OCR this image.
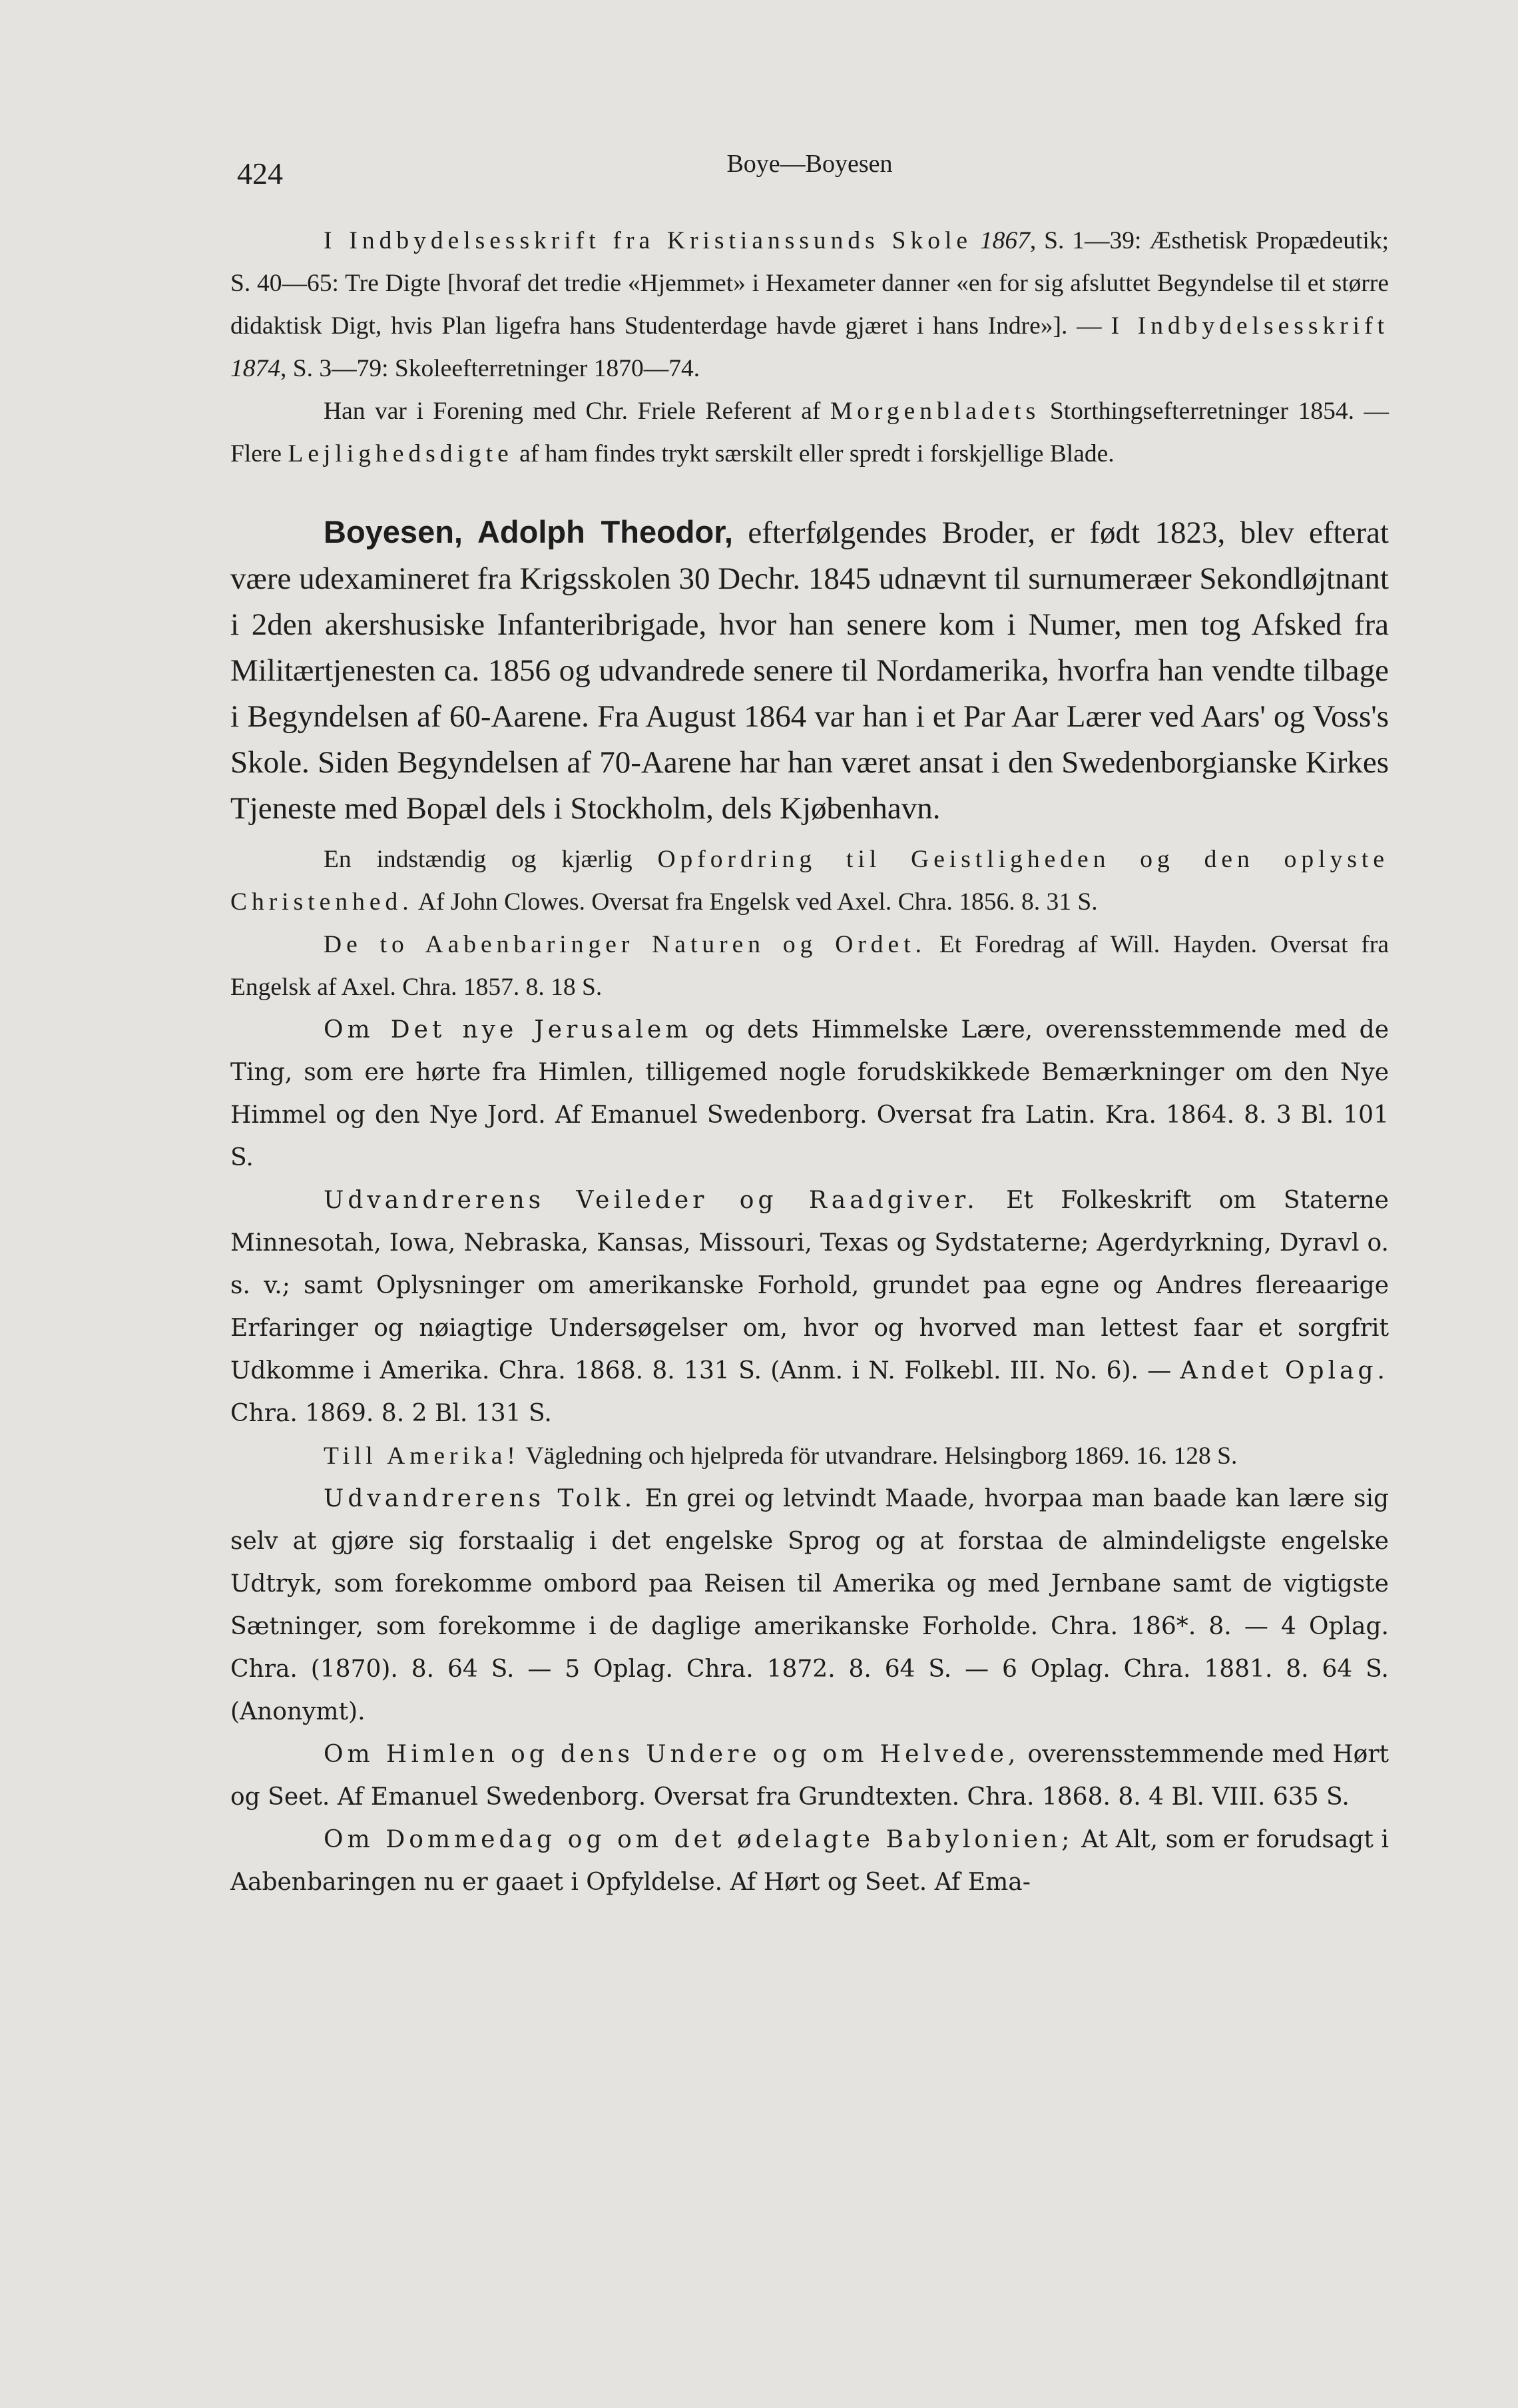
424	Boye—Boyesen

I Indbydelsesskrift fra Kristianssunds Skole 1867, S. 1—39: Æsthetisk Propædeutik; S. 40—65: Tre Digte [hvoraf det tredie «Hjemmet» i Hexameter danner «en for sig afsluttet Begyndelse til et større didaktisk Digt, hvis Plan ligefra hans Studenterdage havde gjæret i hans Indre»]. — I Indbydelsesskrift 1874, S. 3—79: Skoleefterretninger 1870—74.

Han var i Forening med Chr. Friele Referent af Morgenbladets Storthingsefterretninger 1854. — Flere Lejlighedsdigte af ham findes trykt særskilt eller spredt i forskjellige Blade.

Boyesen, Adolph Theodor, efterfølgendes Broder, er født 1823, blev efterat være udexamineret fra Krigsskolen 30 Dechr. 1845 udnævnt til surnumeræer Sekondløjtnant i 2den akershusiske Infanteribrigade, hvor han senere kom i Numer, men tog Afsked fra Militærtjenesten ca. 1856 og udvandrede senere til Nordamerika, hvorfra han vendte tilbage i Begyndelsen af 60-Aarene. Fra August 1864 var han i et Par Aar Lærer ved Aars' og Voss's Skole. Siden Begyndelsen af 70-Aarene har han været ansat i den Swedenborgianske Kirkes Tjeneste med Bopæl dels i Stockholm, dels Kjøbenhavn.

En indstændig og kjærlig Opfordring til Geistligheden og den oplyste Christenhed. Af John Clowes. Oversat fra Engelsk ved Axel. Chra. 1856. 8. 31 S.

De to Aabenbaringer Naturen og Ordet. Et Foredrag af Will. Hayden. Oversat fra Engelsk af Axel. Chra. 1857. 8. 18 S.

Om Det nye Jerusalem og dets Himmelske Lære, overensstemmende med de Ting, som ere hørte fra Himlen, tilligemed nogle forudskikkede Bemærkninger om den Nye Himmel og den Nye Jord. Af Emanuel Swedenborg. Oversat fra Latin. Kra. 1864. 8. 3 Bl. 101 S.

Udvandrerens Veileder og Raadgiver. Et Folkeskrift om Staterne Minnesotah, Iowa, Nebraska, Kansas, Missouri, Texas og Sydstaterne; Agerdyrkning, Dyravl o. s. v.; samt Oplysninger om amerikanske Forhold, grundet paa egne og Andres flereaarige Erfaringer og nøiagtige Undersøgelser om, hvor og hvorved man lettest faar et sorgfrit Udkomme i Amerika. Chra. 1868. 8. 131 S. (Anm. i N. Folkebl. III. No. 6). — Andet Oplag. Chra. 1869. 8. 2 Bl. 131 S.

Till Amerika! Vägledning och hjelpreda för utvandrare. Helsingborg 1869. 16. 128 S.

Udvandrerens Tolk. En grei og letvindt Maade, hvorpaa man baade kan lære sig selv at gjøre sig forstaalig i det engelske Sprog og at forstaa de almindeligste engelske Udtryk, som forekomme ombord paa Reisen til Amerika og med Jernbane samt de vigtigste Sætninger, som forekomme i de daglige amerikanske Forholde. Chra. 186*. 8. — 4 Oplag. Chra. (1870). 8. 64 S. — 5 Oplag. Chra. 1872. 8. 64 S. — 6 Oplag. Chra. 1881. 8. 64 S. (Anonymt).

Om Himlen og dens Undere og om Helvede, overensstemmende med Hørt og Seet. Af Emanuel Swedenborg. Oversat fra Grundtexten. Chra. 1868. 8. 4 Bl. VIII. 635 S.

Om Dommedag og om det ødelagte Babylonien; At Alt, som er forudsagt i Aabenbaringen nu er gaaet i Opfyldelse. Af Hørt og Seet. Af Ema-
